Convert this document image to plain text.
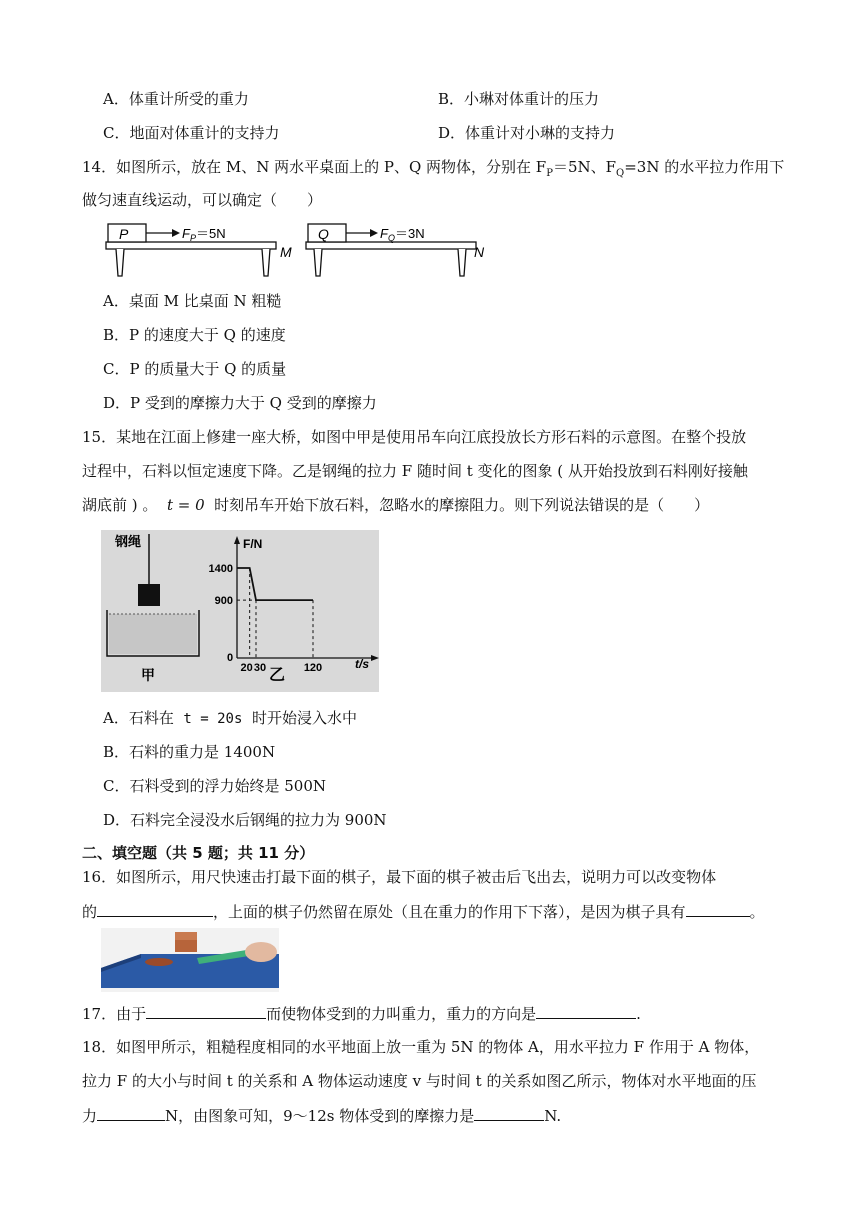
A．体重计所受的重力	B．小琳对体重计的压力
C．地面对体重计的支持力	D．体重计对小琳的支持力
14．如图所示，放在 M、N 两水平桌面上的 P、Q 两物体，分别在 $F_P=5N$、$F_Q=3N$ 的水平拉力作用下
做匀速直线运动，可以确定（　　）
P	$F_P=5N$
M
Q	$F_Q=3N$
N
A．桌面 M 比桌面 N 粗糙
B．P 的速度大于 Q 的速度
C．P 的质量大于 Q 的质量
D．P 受到的摩擦力大于 Q 受到的摩擦力
15．某地在江面上修建一座大桥，如图中甲是使用吊车向江底投放长方形石料的示意图。在整个投放
过程中，石料以恒定速度下降。乙是钢绳的拉力 F 随时间 t 变化的图象 ( 从开始投放到石料刚好接触
湖底前 ) 。 t = 0 时刻吊车开始下放石料，忽略水的摩擦阻力。则下列说法错误的是（　　）
钢绳
甲
F/N
t/s
0
1400
900
20 30	120
乙
A．石料在 t = 20s 时开始浸入水中
B．石料的重力是 1400N
C．石料受到的浮力始终是 500N
D．石料完全浸没水后钢绳的拉力为 900N
二、填空题（共 5 题；共 11 分）
16．如图所示，用尺快速击打最下面的棋子，最下面的棋子被击后飞出去，说明力可以改变物体
的	，上面的棋子仍然留在原处（且在重力的作用下下落），是因为棋子具有	。
17．由于	而使物体受到的力叫重力，重力的方向是	.
18．如图甲所示，粗糙程度相同的水平地面上放一重为 5N 的物体 A，用水平拉力 F 作用于 A 物体，
拉力 F 的大小与时间 t 的关系和 A 物体运动速度 v 与时间 t 的关系如图乙所示，物体对水平地面的压
力	N，由图象可知，9～12s 物体受到的摩擦力是	N.
